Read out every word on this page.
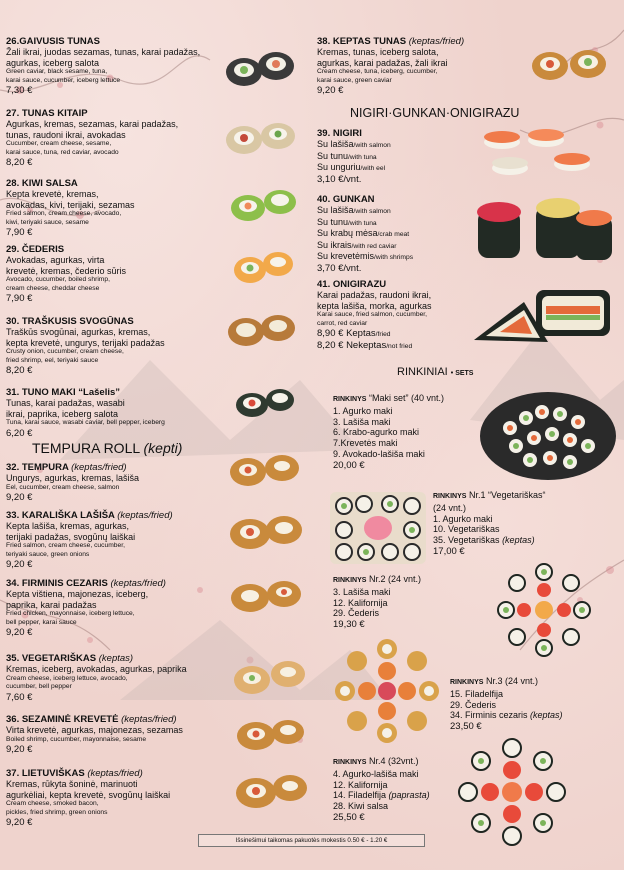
26.GAIVUSIS TUNAS
Žali ikrai, juodas sezamas, tunas, karai padažas,
agurkas, iceberg salota
Green caviar, black sesame, tuna,
karai sauce, cucumber, iceberg lettuce
7,30 €
27. TUNAS KITAIP
Agurkas, kremas, sezamas, karai padažas,
tunas, raudoni ikrai, avokadas
Cucumber, cream cheese, sesame,
karai sauce, tuna, red caviar, avocado
8,20 €
28. KIWI SALSA
Kepta krevetė, kremas,
avokadas, kivi, terijaki, sezamas
Fried salmon, cream cheese, avocado,
kiwi, teriyaki sauce, sesame
7,90 €
29. ČEDERIS
Avokadas, agurkas, virta
krevetė, kremas, čederio sūris
Avocado, cucumber, boiled shrimp,
cream cheese, cheddar cheese
7,90 €
30. TRAŠKUSIS SVOGŪNAS
Traškūs svogūnai, agurkas, kremas,
kepta krevetė, ungurys, terijaki padažas
Crusty onion, cucumber, cream cheese,
fried shrimp, eel, teriyaki sauce
8,20 €
31. TUNO MAKI “Lašelis”
Tunas, karai padažas, wasabi
ikrai, paprika, iceberg salota
Tuna, karai sauce, wasabi caviar, bell pepper, iceberg
6,20 €
TEMPURA ROLL (kepti)
32. TEMPURA (keptas/fried)
Ungurys, agurkas, kremas, lašiša
Eel, cucumber, cream cheese, salmon
9,20 €
33. KARALIŠKA LAŠIŠA (keptas/fried)
Kepta lašiša, kremas, agurkas,
terijaki padažas, svogūnų laiškai
Fried salmon, cream cheese, cucumber,
teriyaki sauce, green onions
9,20 €
34. FIRMINIS CEZARIS (keptas/fried)
Kepta vištiena, majonezas, iceberg,
paprika, karai padažas
Fried chicken, mayonnaise, iceberg lettuce,
bell pepper, karai sauce
9,20 €
35. VEGETARIŠKAS (keptas)
Kremas, iceberg, avokadas, agurkas, paprika
Cream cheese, iceberg lettuce, avocado,
cucumber, bell pepper
7,60 €
36. SEZAMINĖ KREVETĖ (keptas/fried)
Virta krevetė, agurkas, majonezas, sezamas
Boiled shrimp, cucumber, mayonnaise, sesame
9,20 €
37. LIETUVIŠKAS (keptas/fried)
Kremas, rūkyta šoninė, marinuoti
agurkėliai, kepta krevetė, svogūnų laiškai
Cream cheese, smoked bacon,
pickles, fried shrimp, green onions
9,20 €
38. KEPTAS TUNAS (keptas/fried)
Kremas, tunas, iceberg salota,
agurkas, karai padažas, žali ikrai
Cream cheese, tuna, iceberg, cucumber,
karai sauce, green caviar
9,20 €
NIGIRI·GUNKAN·ONIGIRAZU
39. NIGIRI
Su lašiša/with salmon
Su tunu/with tuna
Su unguriu/with eel
3,10 €/vnt.
40. GUNKAN
Su lašiša/with salmon
Su tunu/with tuna
Su krabų mėsa/crab meat
Su ikrais/with red caviar
Su krevetėmis/with shrimps
3,70 €/vnt.
41. ONIGIRAZU
Karai padažas, raudoni ikrai,
kepta lašiša, morka, agurkas
Karai sauce, fried salmon, cucumber,
carrot, red caviar
8,90 € Keptas/fried
8,20 € Nekeptas/not fried
RINKINIAI • SETS
RINKINYS “Maki set” (40 vnt.)
1. Agurko maki
3. Lašiša maki
6. Krabo-agurko maki
7.Krevetės maki
9. Avokado-lašiša maki
20,00 €
RINKINYS Nr.1 “Vegetariškas“
(24 vnt.)
1. Agurko maki
10. Vegetariškas
35. Vegetariškas (keptas)
17,00 €
RINKINYS Nr.2 (24 vnt.)
3. Lašiša maki
12. Kalifornija
29. Čederis
19,30 €
RINKINYS Nr.3 (24 vnt.)
15. Filadelfija
29. Čederis
34. Firminis cezaris (keptas)
23,50 €
RINKINYS Nr.4 (32vnt.)
4. Agurko-lašiša maki
12. Kalifornija
14. Filadelfija (paprasta)
28. Kiwi salsa
25,50 €
Išsinešimui taikomas pakuotės mokestis 0.50 € - 1.20 €
